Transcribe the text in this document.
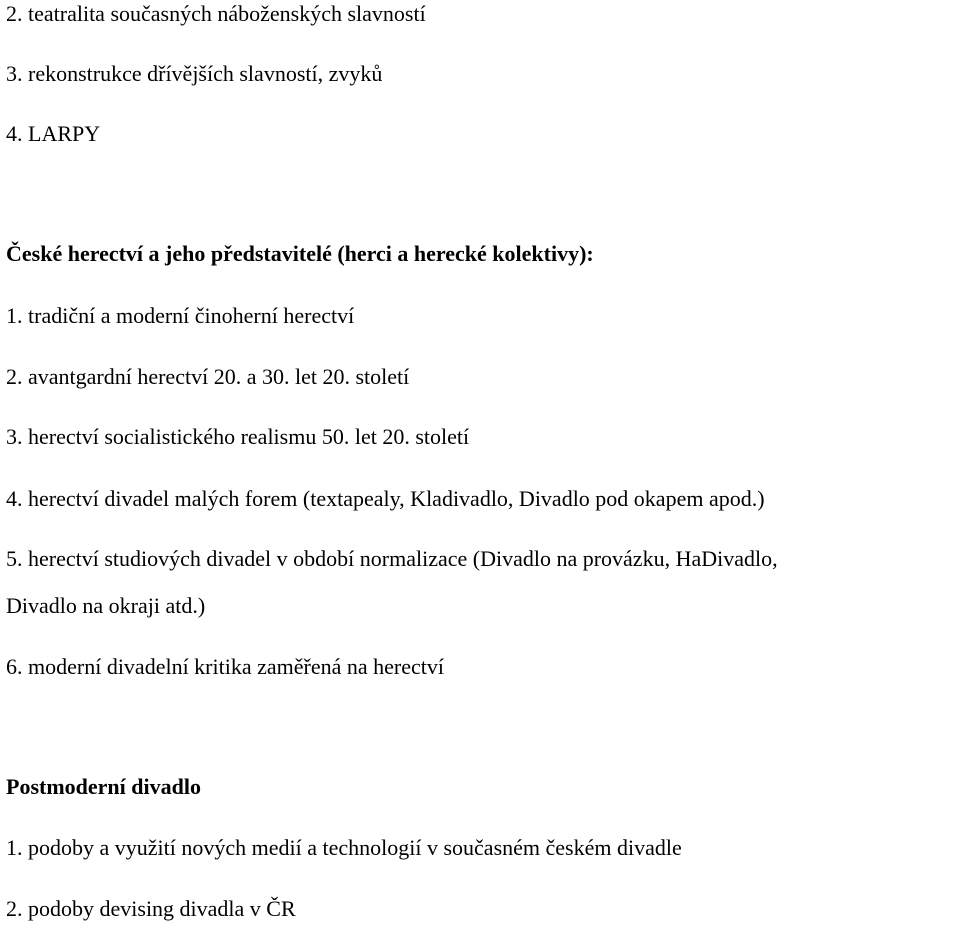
2. teatralita současných náboženských slavností
3. rekonstrukce dřívějších slavností, zvyků
4. LARPY
České herectví a jeho představitelé (herci a herecké kolektivy):
1. tradiční a moderní činoherní herectví
2. avantgardní herectví 20. a 30. let 20. století
3. herectví socialistického realismu 50. let 20. století
4. herectví divadel malých forem (textapealy, Kladivadlo, Divadlo pod okapem apod.)
5. herectví studiových divadel v období normalizace (Divadlo na provázku, HaDivadlo,
Divadlo na okraji atd.)
6. moderní divadelní kritika zaměřená na herectví
Postmoderní divadlo
1. podoby a využití nových medií a technologií v současném českém divadle
2. podoby devising divadla v ČR
